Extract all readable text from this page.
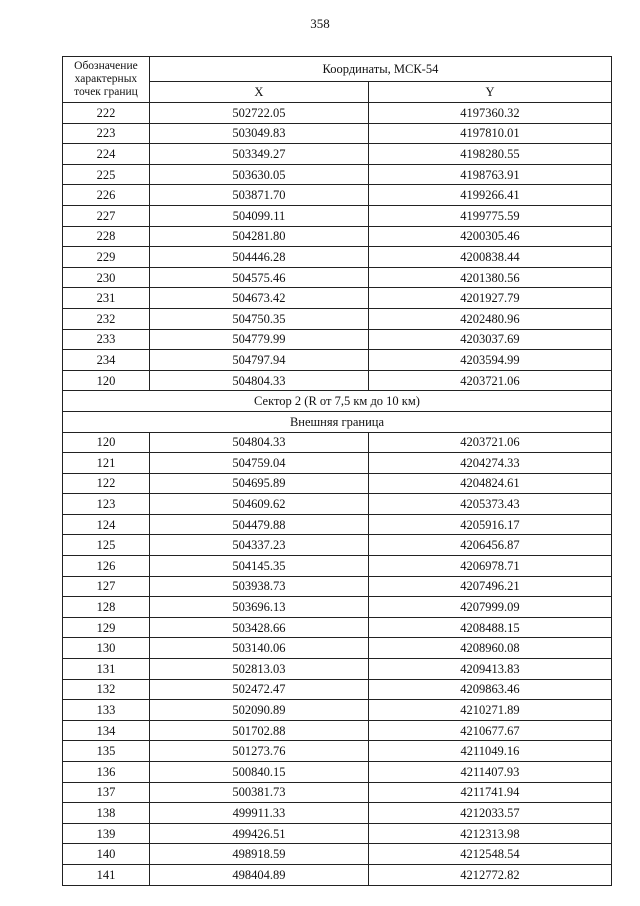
358
Обозначение характерных точек границ	Координаты, МСК-54	
	X	Y
222	502722.05	4197360.32
223	503049.83	4197810.01
224	503349.27	4198280.55
225	503630.05	4198763.91
226	503871.70	4199266.41
227	504099.11	4199775.59
228	504281.80	4200305.46
229	504446.28	4200838.44
230	504575.46	4201380.56
231	504673.42	4201927.79
232	504750.35	4202480.96
233	504779.99	4203037.69
234	504797.94	4203594.99
120	504804.33	4203721.06
Сектор 2 (R от 7,5 км до 10 км)		
Внешняя граница		
120	504804.33	4203721.06
121	504759.04	4204274.33
122	504695.89	4204824.61
123	504609.62	4205373.43
124	504479.88	4205916.17
125	504337.23	4206456.87
126	504145.35	4206978.71
127	503938.73	4207496.21
128	503696.13	4207999.09
129	503428.66	4208488.15
130	503140.06	4208960.08
131	502813.03	4209413.83
132	502472.47	4209863.46
133	502090.89	4210271.89
134	501702.88	4210677.67
135	501273.76	4211049.16
136	500840.15	4211407.93
137	500381.73	4211741.94
138	499911.33	4212033.57
139	499426.51	4212313.98
140	498918.59	4212548.54
141	498404.89	4212772.82
